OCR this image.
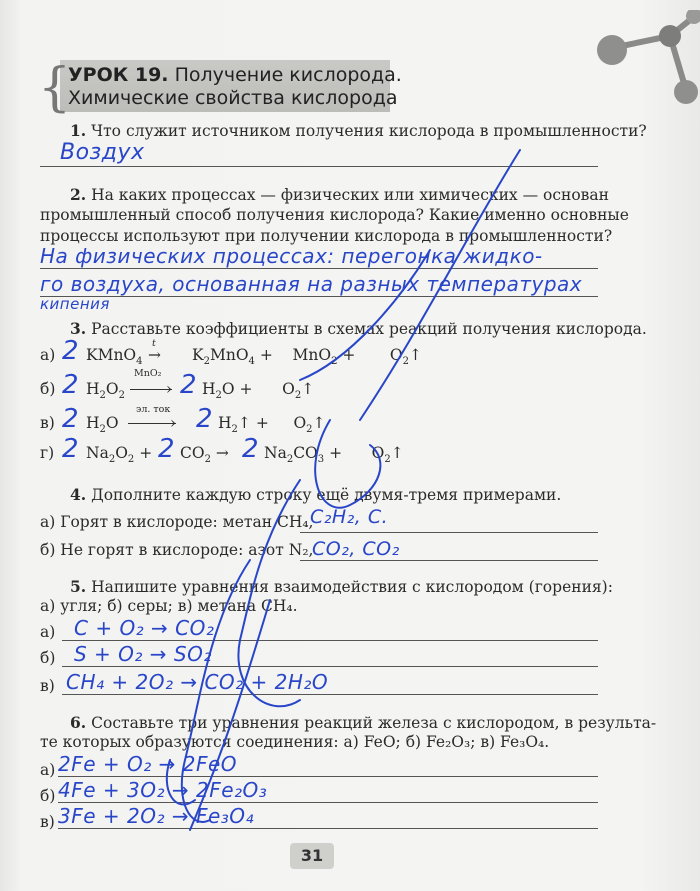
{
УРОК 19. Получение кислорода.
Химические свойства кислорода
1. Что служит источником получения кислорода в промышленности?
Воздух
2. На каких процессах — физических или химических — основан
промышленный способ получения кислорода? Какие именно основные
процессы используют при получении кислорода в промышленности?
На физических процессах: перегонка жидко-
го воздуха, основанная на разных температурах
кипения
3. Расставьте коэффициенты в схемах реакций получения кислорода.
а) 2 KMnO$_4$
t
→ $K_2MnO_4$ +    MnO$_2$ +       $O_2↑$
б) 2 $H_2O_2$
MnO₂
› 2 $H_2O$ +      $O_2↑$
в) 2 $H_2O$
эл. ток
› 2 $H_2↑$ +     $O_2↑$
г) 2 $Na_2O_2 + 2$ $CO_2 \to 2$ $Na_2CO_3$ +      $O_2↑$
4. Дополните каждую строку ещё двумя-тремя примерами.
а) Горят в кислороде: метан CH₄,
C₂H₂, C.
б) Не горят в кислороде: азот N₂,
CO₂, CO₂
5. Напишите уравнения взаимодействия с кислородом (горения):
а) угля; б) серы; в) метана CH₄.
а) C + O₂ → CO₂
б) S + O₂ → SO₂
в) CH₄ + 2O₂ → CO₂ + 2H₂O
6. Составьте три уравнения реакций железа с кислородом, в результа-
те которых образуются соединения: а) FeO; б) Fe₂O₃; в) Fe₃O₄.
а) 2Fe + O₂ → 2FeO
б) 4Fe + 3O₂ → 2Fe₂O₃
в) 3Fe + 2O₂ → Fe₃O₄
31
